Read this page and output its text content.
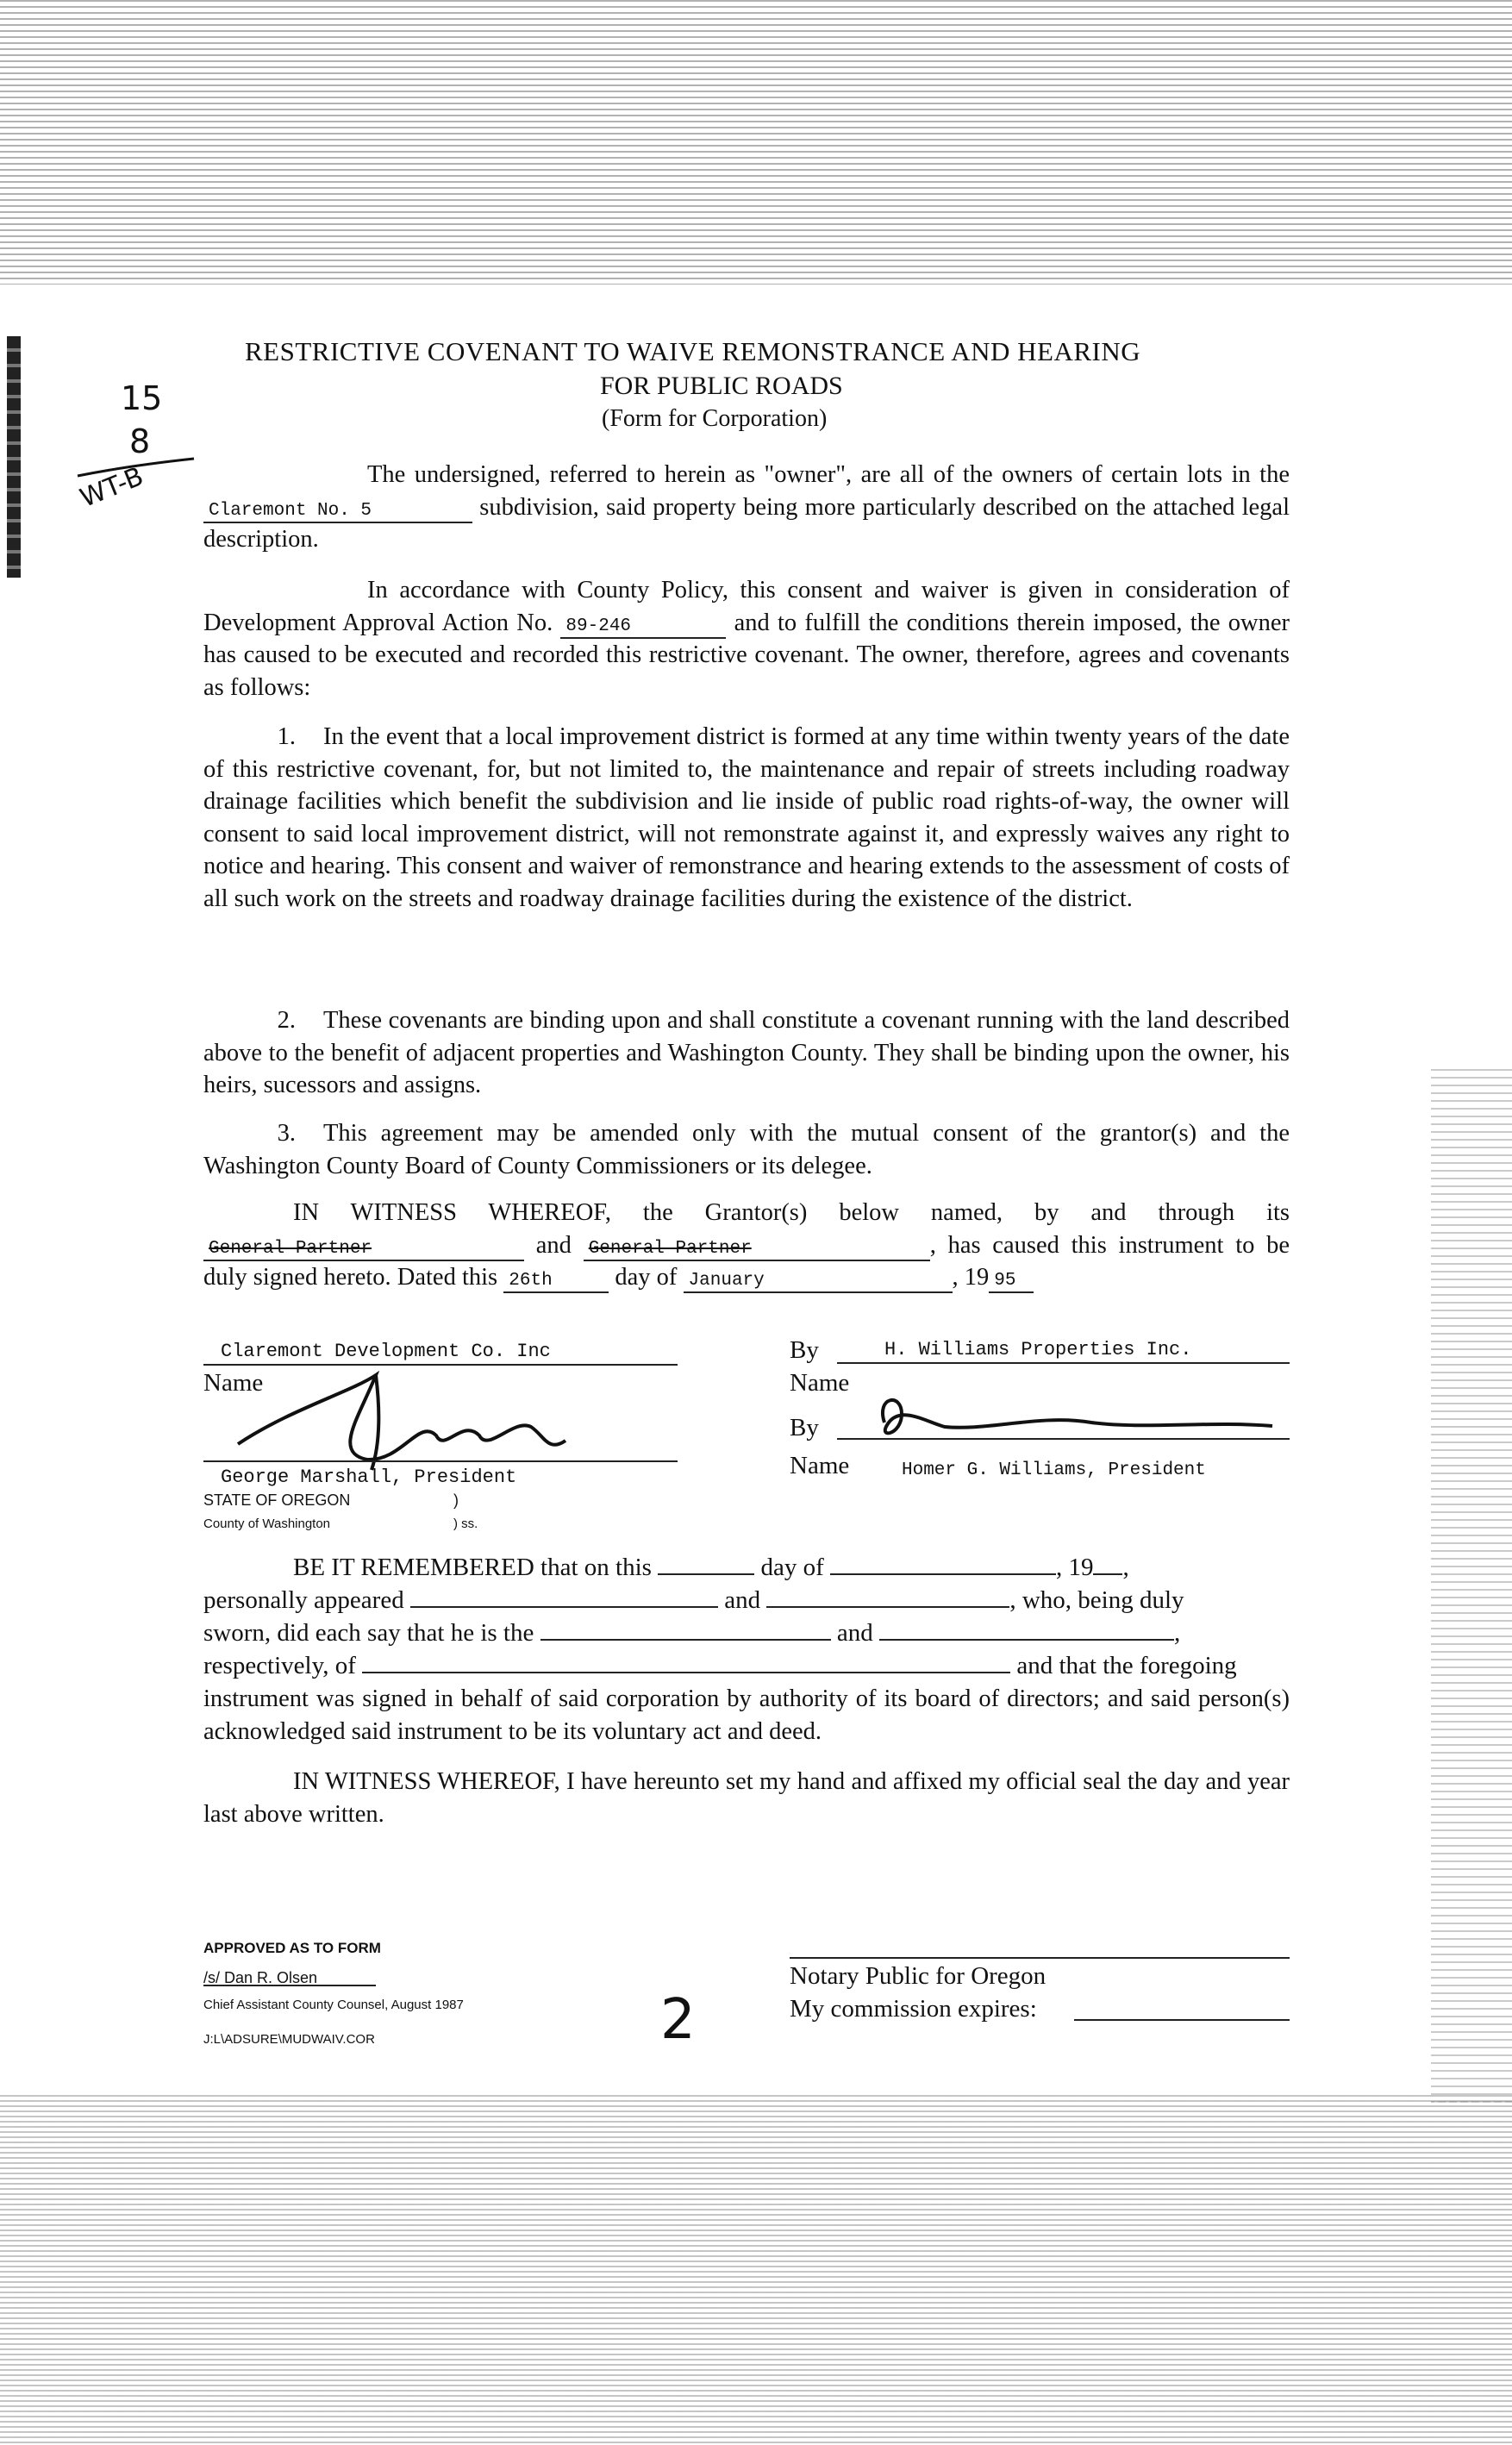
15
8
WT-B
RESTRICTIVE COVENANT TO WAIVE REMONSTRANCE AND HEARING
FOR PUBLIC ROADS
(Form for Corporation)
The undersigned, referred to herein as "owner", are all of the owners of certain lots in the Claremont No. 5	subdivision, said property being more particularly described on the attached legal description.
In accordance with County Policy, this consent and waiver is given in consideration of Development Approval Action No. 89-246	and to fulfill the conditions therein imposed, the owner has caused to be executed and recorded this restrictive covenant. The owner, therefore, agrees and covenants as follows:
1. In the event that a local improvement district is formed at any time within twenty years of the date of this restrictive covenant, for, but not limited to, the maintenance and repair of streets including roadway drainage facilities which benefit the subdivision and lie inside of public road rights-of-way, the owner will consent to said local improvement district, will not remonstrate against it, and expressly waives any right to notice and hearing. This consent and waiver of remonstrance and hearing extends to the assessment of costs of all such work on the streets and roadway drainage facilities during the existence of the district.
2. These covenants are binding upon and shall constitute a covenant running with the land described above to the benefit of adjacent properties and Washington County. They shall be binding upon the owner, his heirs, sucessors and assigns.
3. This agreement may be amended only with the mutual consent of the grantor(s) and the Washington County Board of County Commissioners or its delegee.
IN WITNESS WHEREOF, the Grantor(s) below named, by and through its General Partner	and General Partner	, has caused this instrument to be duly signed hereto. Dated this 26th	day of January	, 19 95
Claremont Development Co. Inc
Name
George Marshall, President
STATE OF OREGON	)
County of Washington	) ss.
By	H. Williams Properties Inc.
Name
By
Name	Homer G. Williams, President
BE IT REMEMBERED that on this	day of	, 19 ,
personally appeared	and	, who, being duly
sworn, did each say that he is the	and	,
respectively, of	and that the foregoing
instrument was signed in behalf of said corporation by authority of its board of directors; and said person(s) acknowledged said instrument to be its voluntary act and deed.
IN WITNESS WHEREOF, I have hereunto set my hand and affixed my official seal the day and year last above written.
APPROVED AS TO FORM
/s/ Dan R. Olsen
Chief Assistant County Counsel, August 1987
J:L\ADSURE\MUDWAIV.COR	2
Notary Public for Oregon
My commission expires:
